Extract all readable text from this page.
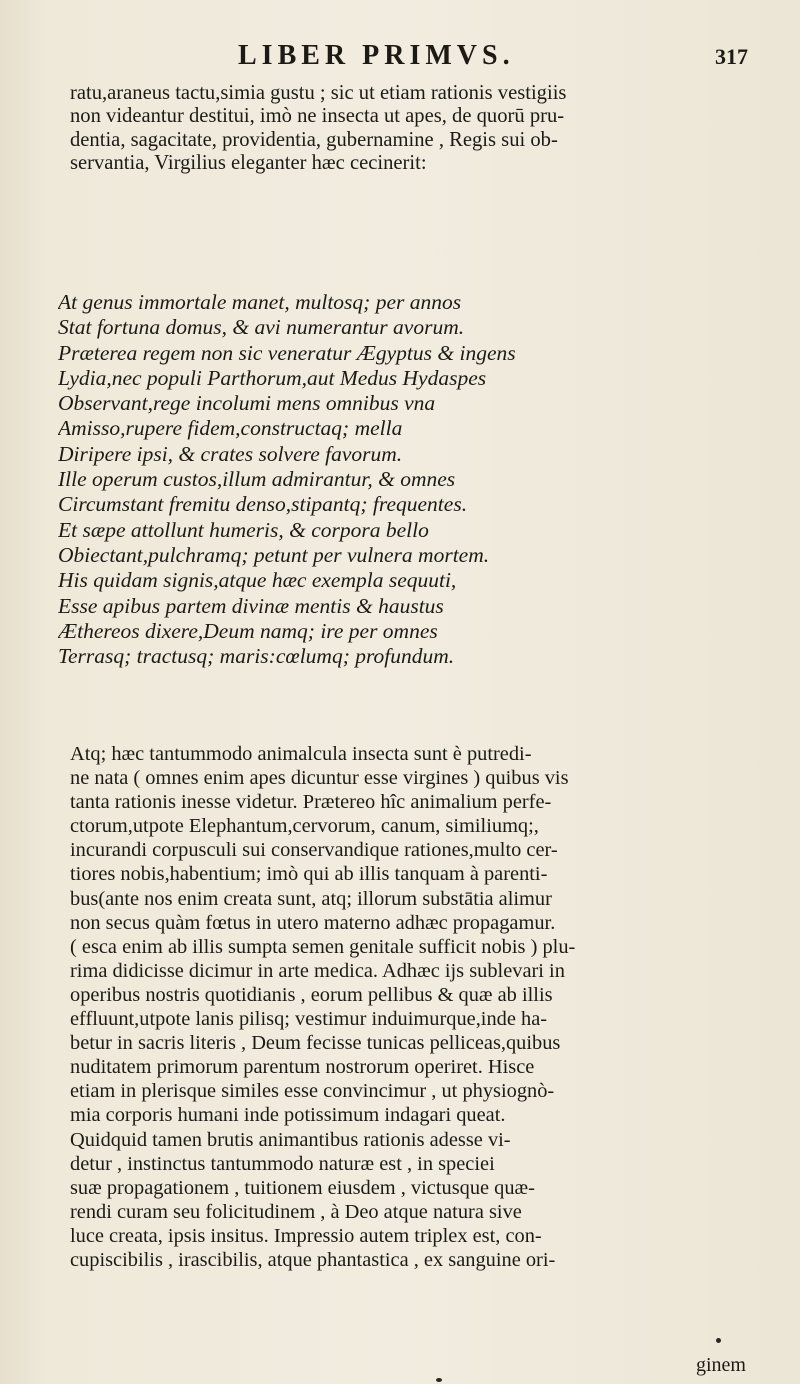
LIBER PRIMVS.	317
ratu,araneus tactu,simia gustu ; sic ut etiam rationis vestigiis
non videantur destitui, imò ne insecta ut apes, de quorū pru-
dentia, sagacitate, providentia, gubernamine , Regis sui ob-
servantia, Virgilius eleganter hæc cecinerit:
At genus immortale manet, multosq; per annos
Stat fortuna domus, & avi numerantur avorum.
Præterea regem non sic veneratur Ægyptus & ingens
Lydia,nec populi Parthorum,aut Medus Hydaspes
Observant,rege incolumi mens omnibus vna
Amisso,rupere fidem,constructaq; mella
Diripere ipsi, & crates solvere favorum.
Ille operum custos,illum admirantur, & omnes
Circumstant fremitu denso,stipantq; frequentes.
Et sæpe attollunt humeris, & corpora bello
Obiectant,pulchramq; petunt per vulnera mortem.
His quidam signis,atque hæc exempla sequuti,
Esse apibus partem divinæ mentis & haustus
Æthereos dixere,Deum namq; ire per omnes
Terrasq; tractusq; maris:cœlumq; profundum.
Atq; hæc tantummodo animalcula insecta sunt è putredi-
ne nata ( omnes enim apes dicuntur esse virgines ) quibus vis
tanta rationis inesse videtur. Prætereo hîc animalium perfe-
ctorum,utpote Elephantum,cervorum, canum, similiumq;,
incurandi corpusculi sui conservandique rationes,multo cer-
tiores nobis,habentium; imò qui ab illis tanquam à parenti-
bus(ante nos enim creata sunt, atq; illorum substātia alimur
non secus quàm fœtus in utero materno adhæc propagamur.
( esca enim ab illis sumpta semen genitale sufficit nobis ) plu-
rima didicisse dicimur in arte medica. Adhæc ijs sublevari in
operibus nostris quotidianis , eorum pellibus & quæ ab illis
effluunt,utpote lanis pilisq; vestimur induimurque,inde ha-
betur in sacris literis , Deum fecisse tunicas pelliceas,quibus
nuditatem primorum parentum nostrorum operiret. Hisce
etiam in plerisque similes esse convincimur , ut physiognò-
mia corporis humani inde potissimum indagari queat.
Quidquid tamen brutis animantibus rationis adesse vi-
detur , instinctus tantummodo naturæ est , in speciei
suæ propagationem , tuitionem eiusdem , victusque quæ-
rendi curam seu folicitudinem , à Deo atque natura sive
luce creata, ipsis insitus. Impressio autem triplex est, con-
cupiscibilis , irascibilis, atque phantastica , ex sanguine ori-
ginem
